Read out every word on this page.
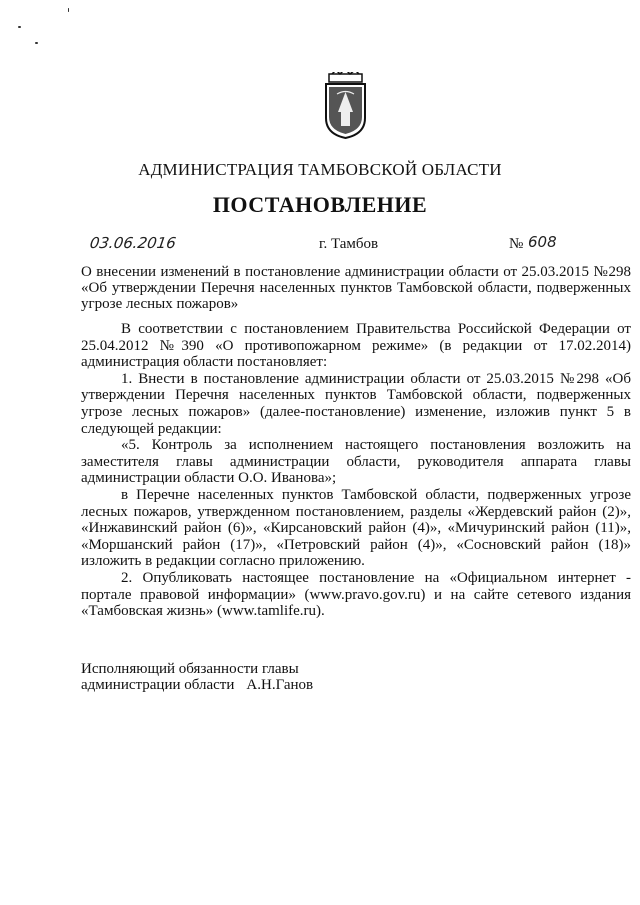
АДМИНИСТРАЦИЯ ТАМБОВСКОЙ ОБЛАСТИ
ПОСТАНОВЛЕНИЕ
03.06.2016	г. Тамбов	№ 608
О внесении изменений в постановление администрации области от 25.03.2015 №298 «Об утверждении Перечня населенных пунктов Тамбовской области, подверженных угрозе лесных пожаров»

В соответствии с постановлением Правительства Российской Федерации от 25.04.2012 №390 «О противопожарном режиме» (в редакции от 17.02.2014) администрация области постановляет:

1. Внести в постановление администрации области от 25.03.2015 №298 «Об утверждении Перечня населенных пунктов Тамбовской области, подверженных угрозе лесных пожаров» (далее-постановление) изменение, изложив пункт 5 в следующей редакции:

«5. Контроль за исполнением настоящего постановления возложить на заместителя главы администрации области, руководителя аппарата главы администрации области О.О. Иванова»;

в Перечне населенных пунктов Тамбовской области, подверженных угрозе лесных пожаров, утвержденном постановлением, разделы «Жердевский район (2)», «Инжавинский район (6)», «Кирсановский район (4)», «Мичуринский район (11)», «Моршанский район (17)», «Петровский район (4)», «Сосновский район (18)» изложить в редакции согласно приложению.

2. Опубликовать настоящее постановление на «Официальном интернет - портале правовой информации» (www.pravo.gov.ru) и на сайте сетевого издания «Тамбовская жизнь» (www.tamlife.ru).

Исполняющий обязанности главы
администрации области А.Н.Ганов
